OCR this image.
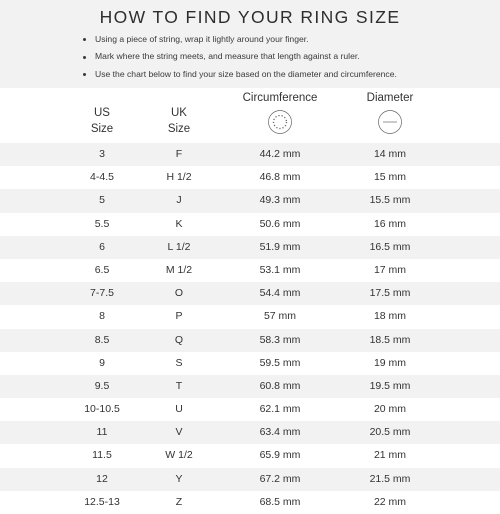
HOW TO FIND YOUR RING SIZE
Using a piece of string, wrap it lightly around your finger.
Mark where the string meets, and measure that length against a ruler.
Use the chart below to find your size based on the diameter and circumference.
US
Size
UK
Size
Circumference	Diameter
3	F	44.2 mm	14 mm
4-4.5	H 1/2	46.8 mm	15 mm
5	J	49.3 mm	15.5 mm
5.5	K	50.6 mm	16 mm
6	L 1/2	51.9 mm	16.5 mm
6.5	M 1/2	53.1 mm	17 mm
7-7.5	O	54.4 mm	17.5 mm
8	P	57 mm	18 mm
8.5	Q	58.3 mm	18.5 mm
9	S	59.5 mm	19 mm
9.5	T	60.8 mm	19.5 mm
10-10.5	U	62.1 mm	20 mm
11	V	63.4 mm	20.5 mm
11.5	W 1/2	65.9 mm	21 mm
12	Y	67.2 mm	21.5 mm
12.5-13	Z	68.5 mm	22 mm
